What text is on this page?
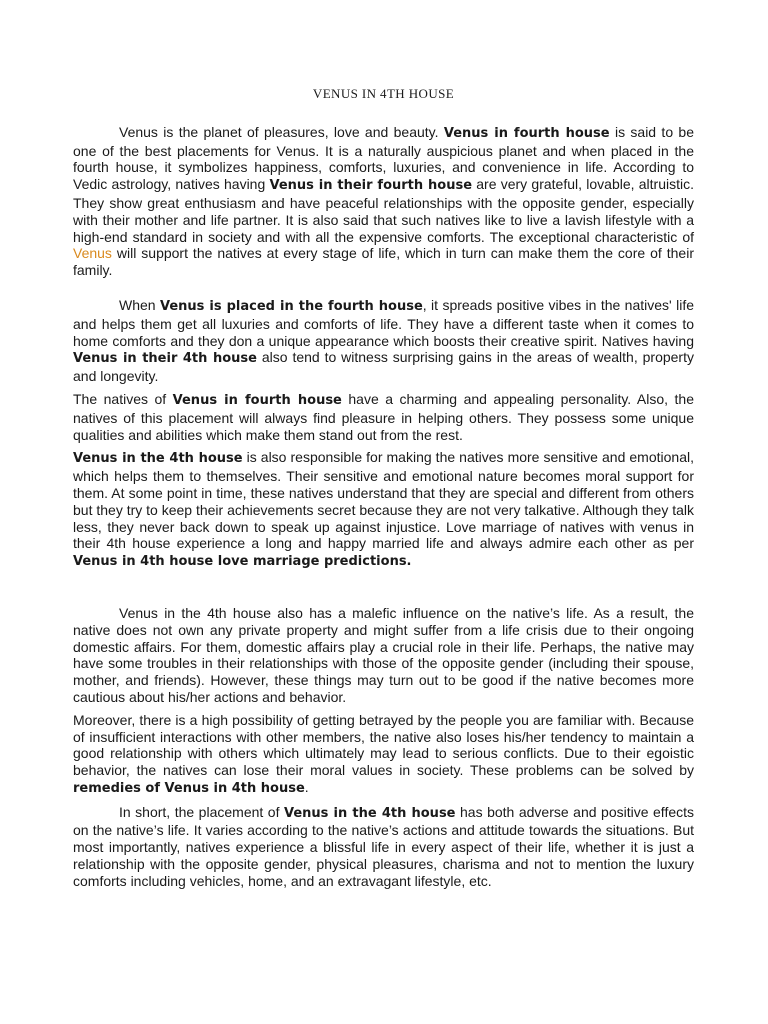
VENUS IN 4TH HOUSE

Venus is the planet of pleasures, love and beauty. Venus in fourth house is said to be one of the best placements for Venus. It is a naturally auspicious planet and when placed in the fourth house, it symbolizes happiness, comforts, luxuries, and convenience in life. According to Vedic astrology, natives having Venus in their fourth house are very grateful, lovable, altruistic. They show great enthusiasm and have peaceful relationships with the opposite gender, especially with their mother and life partner. It is also said that such natives like to live a lavish lifestyle with a high-end standard in society and with all the expensive comforts. The exceptional characteristic of Venus will support the natives at every stage of life, which in turn can make them the core of their family.

When Venus is placed in the fourth house, it spreads positive vibes in the natives' life and helps them get all luxuries and comforts of life. They have a different taste when it comes to home comforts and they don a unique appearance which boosts their creative spirit. Natives having Venus in their 4th house also tend to witness surprising gains in the areas of wealth, property and longevity.

The natives of Venus in fourth house have a charming and appealing personality. Also, the natives of this placement will always find pleasure in helping others. They possess some unique qualities and abilities which make them stand out from the rest.

Venus in the 4th house is also responsible for making the natives more sensitive and emotional, which helps them to themselves. Their sensitive and emotional nature becomes moral support for them. At some point in time, these natives understand that they are special and different from others but they try to keep their achievements secret because they are not very talkative. Although they talk less, they never back down to speak up against injustice. Love marriage of natives with venus in their 4th house experience a long and happy married life and always admire each other as per Venus in 4th house love marriage predictions.

Venus in the 4th house also has a malefic influence on the native’s life. As a result, the native does not own any private property and might suffer from a life crisis due to their ongoing domestic affairs. For them, domestic affairs play a crucial role in their life. Perhaps, the native may have some troubles in their relationships with those of the opposite gender (including their spouse, mother, and friends). However, these things may turn out to be good if the native becomes more cautious about his/her actions and behavior.

Moreover, there is a high possibility of getting betrayed by the people you are familiar with. Because of insufficient interactions with other members, the native also loses his/her tendency to maintain a good relationship with others which ultimately may lead to serious conflicts. Due to their egoistic behavior, the natives can lose their moral values in society. These problems can be solved by remedies of Venus in 4th house.

In short, the placement of Venus in the 4th house has both adverse and positive effects on the native’s life. It varies according to the native’s actions and attitude towards the situations. But most importantly, natives experience a blissful life in every aspect of their life, whether it is just a relationship with the opposite gender, physical pleasures, charisma and not to mention the luxury comforts including vehicles, home, and an extravagant lifestyle, etc.
